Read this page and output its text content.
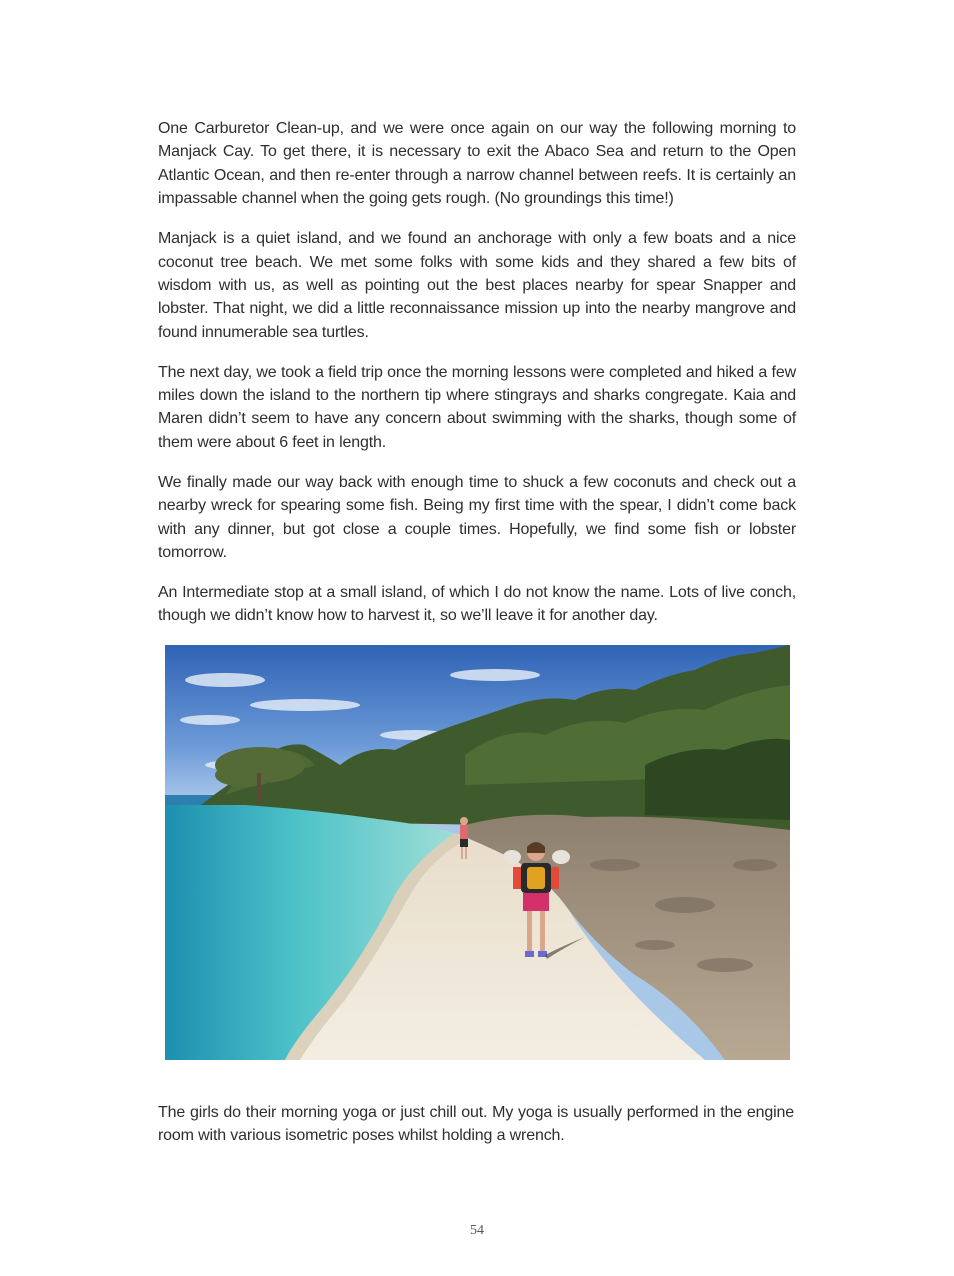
One Carburetor Clean-up, and we were once again on our way the following morning to Manjack Cay. To get there, it is necessary to exit the Abaco Sea and return to the Open Atlantic Ocean, and then re-enter through a narrow channel between reefs. It is certainly an impassable channel when the going gets rough. (No groundings this time!)

Manjack is a quiet island, and we found an anchorage with only a few boats and a nice coconut tree beach. We met some folks with some kids and they shared a few bits of wisdom with us, as well as pointing out the best places nearby for spear Snapper and lobster. That night, we did a little reconnaissance mission up into the nearby mangrove and found innumerable sea turtles.

The next day, we took a field trip once the morning lessons were completed and hiked a few miles down the island to the northern tip where stingrays and sharks congregate. Kaia and Maren didn’t seem to have any concern about swimming with the sharks, though some of them were about 6 feet in length.

We finally made our way back with enough time to shuck a few coconuts and check out a nearby wreck for spearing some fish. Being my first time with the spear, I didn’t come back with any dinner, but got close a couple times. Hopefully, we find some fish or lobster tomorrow.

An Intermediate stop at a small island, of which I do not know the name. Lots of live conch, though we didn’t know how to harvest it, so we’ll leave it for another day.

The girls do their morning yoga or just chill out. My yoga is usually performed in the engine room with various isometric poses whilst holding a wrench.

54
